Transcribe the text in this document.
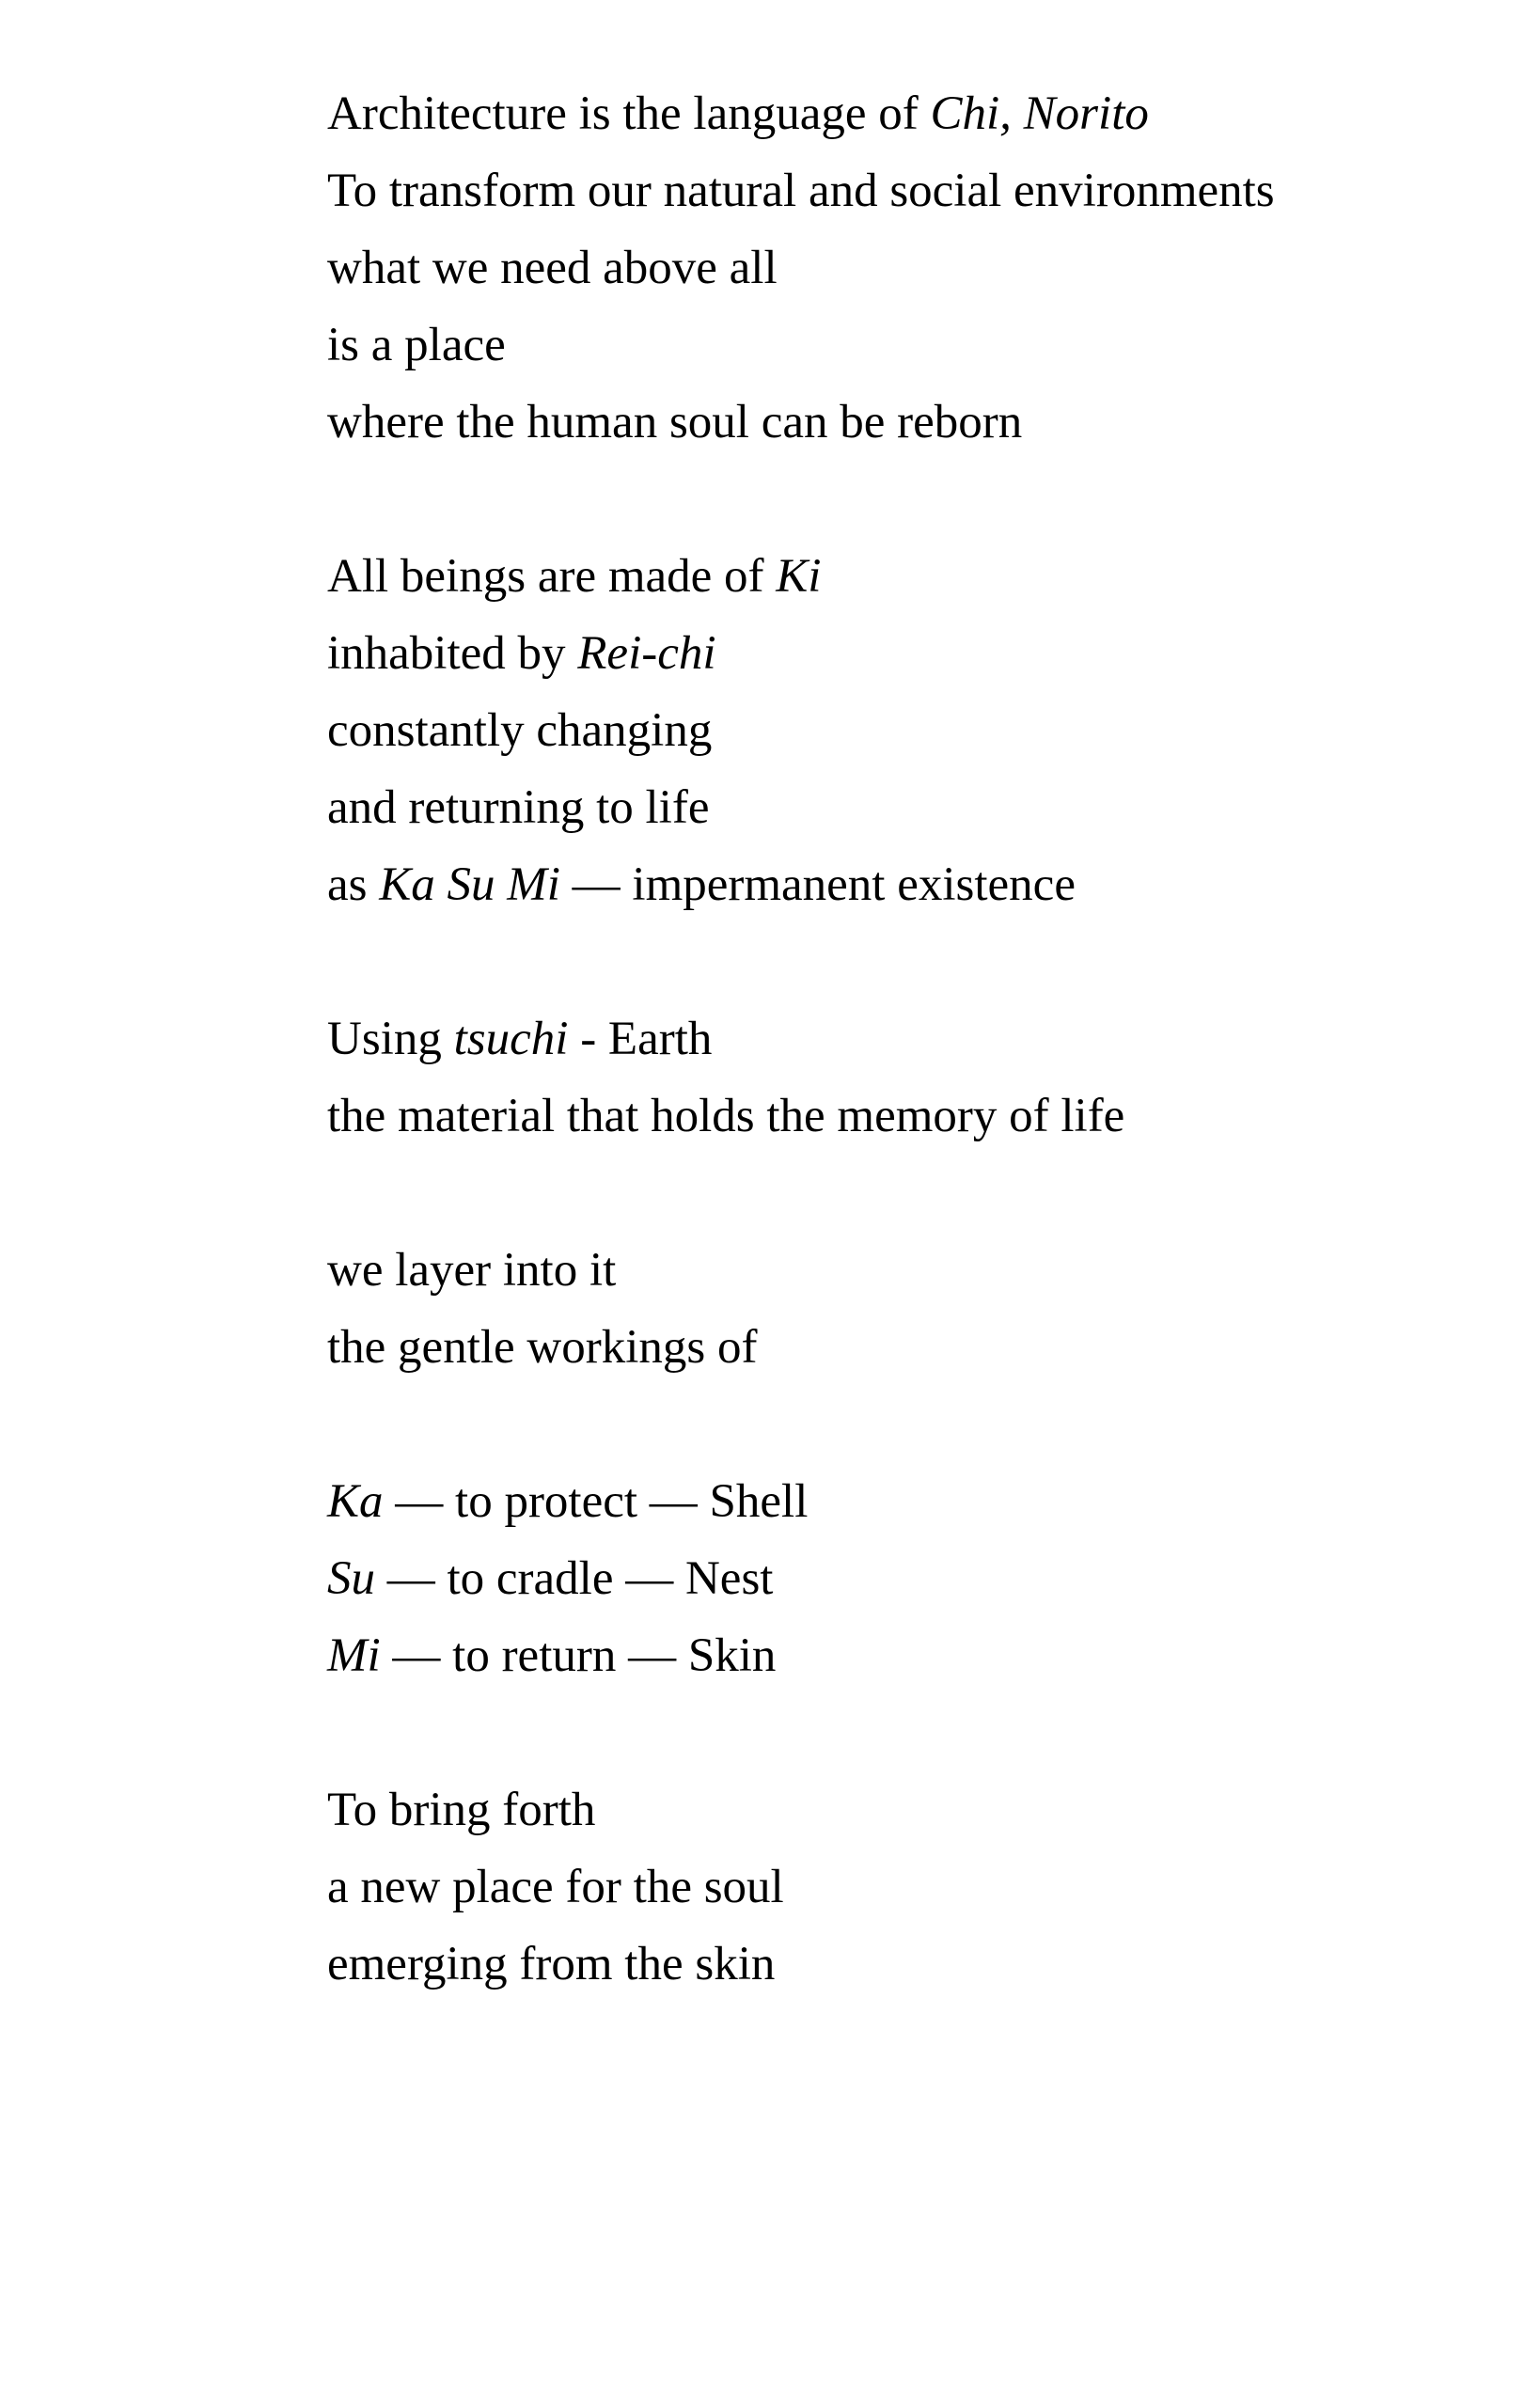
Architecture is the language of Chi, Norito
To transform our natural and social environments
what we need above all
is a place
where the human soul can be reborn
All beings are made of Ki
inhabited by Rei-chi
constantly changing
and returning to life
as Ka Su Mi — impermanent existence
Using tsuchi - Earth
the material that holds the memory of life
we layer into it
the gentle workings of
Ka — to protect — Shell
Su — to cradle — Nest
Mi — to return — Skin
To bring forth
a new place for the soul
emerging from the skin
